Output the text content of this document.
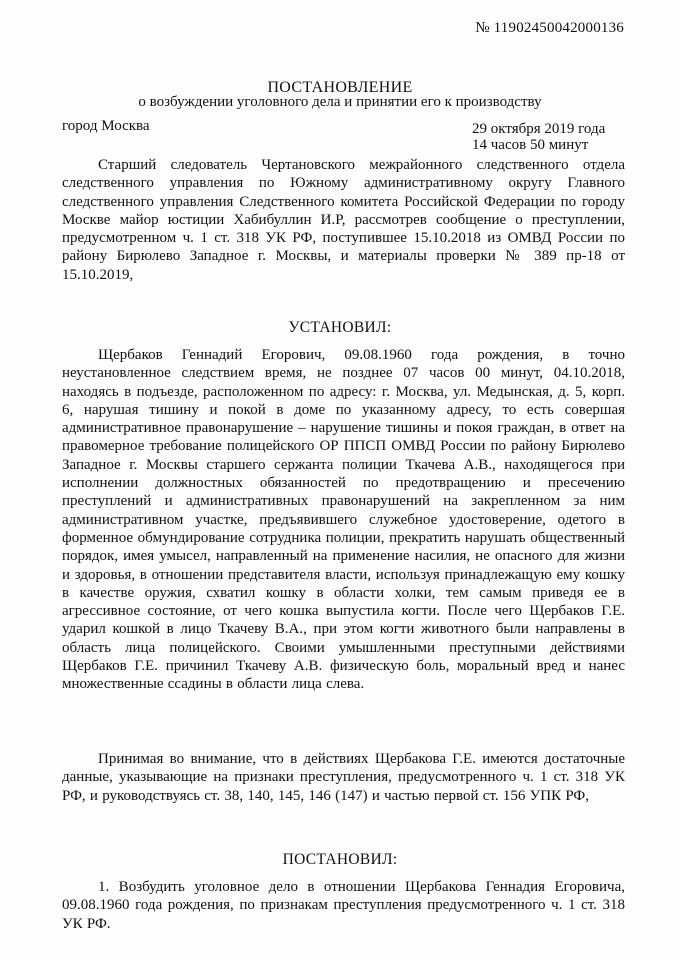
№ 11902450042000136
ПОСТАНОВЛЕНИЕ
о возбуждении уголовного дела и принятии его к производству
город Москва	29 октября 2019 года
14 часов 50 минут

Старший следователь Чертановского межрайонного следственного отдела следственного управления по Южному административному округу Главного следственного управления Следственного комитета Российской Федерации по городу Москве майор юстиции Хабибуллин И.Р, рассмотрев сообщение о преступлении, предусмотренном ч. 1 ст. 318 УК РФ, поступившее 15.10.2018 из ОМВД России по району Бирюлево Западное г. Москвы, и материалы проверки № 389 пр-18 от 15.10.2019,

УСТАНОВИЛ:

Щербаков Геннадий Егорович, 09.08.1960 года рождения, в точно неустановленное следствием время, не позднее 07 часов 00 минут, 04.10.2018, находясь в подъезде, расположенном по адресу: г. Москва, ул. Медынская, д. 5, корп. 6, нарушая тишину и покой в доме по указанному адресу, то есть совершая административное правонарушение – нарушение тишины и покоя граждан, в ответ на правомерное требование полицейского ОР ППСП ОМВД России по району Бирюлево Западное г. Москвы старшего сержанта полиции Ткачева А.В., находящегося при исполнении должностных обязанностей по предотвращению и пресечению преступлений и административных правонарушений на закрепленном за ним административном участке, предъявившего служебное удостоверение, одетого в форменное обмундирование сотрудника полиции, прекратить нарушать общественный порядок, имея умысел, направленный на применение насилия, не опасного для жизни и здоровья, в отношении представителя власти, используя принадлежащую ему кошку в качестве оружия, схватил кошку в области холки, тем самым приведя ее в агрессивное состояние, от чего кошка выпустила когти. После чего Щербаков Г.Е. ударил кошкой в лицо Ткачеву В.А., при этом когти животного были направлены в область лица полицейского. Своими умышленными преступными действиями Щербаков Г.Е. причинил Ткачеву А.В. физическую боль, моральный вред и нанес множественные ссадины в области лица слева.

Принимая во внимание, что в действиях Щербакова Г.Е. имеются достаточные данные, указывающие на признаки преступления, предусмотренного ч. 1 ст. 318 УК РФ, и руководствуясь ст. 38, 140, 145, 146 (147) и частью первой ст. 156 УПК РФ,

ПОСТАНОВИЛ:

1. Возбудить уголовное дело в отношении Щербакова Геннадия Егоровича, 09.08.1960 года рождения, по признакам преступления предусмотренного ч. 1 ст. 318 УК РФ.
